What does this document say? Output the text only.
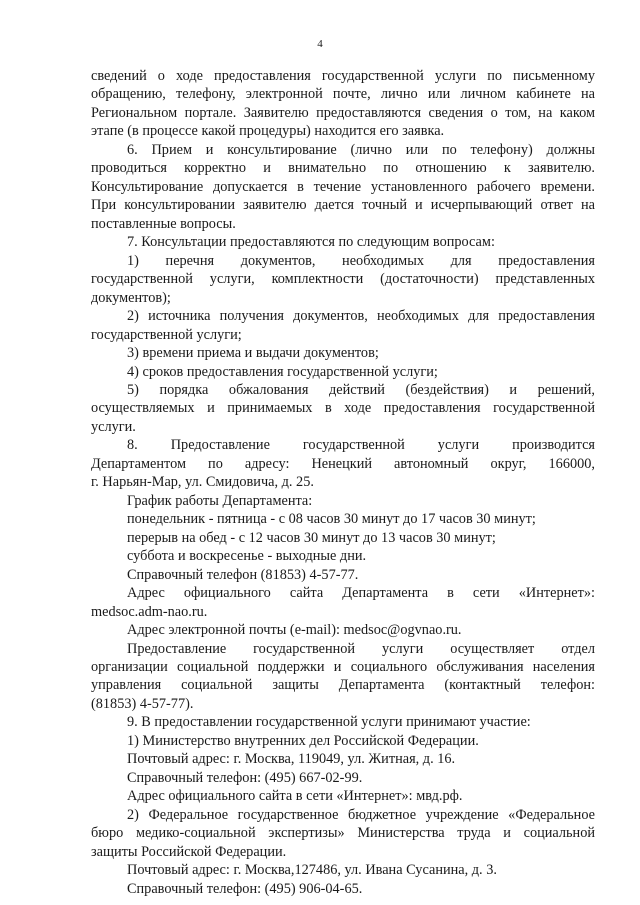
4
сведений о ходе предоставления государственной услуги по письменному
обращению, телефону, электронной почте, лично или личном кабинете на
Региональном портале. Заявителю предоставляются сведения о том, на каком
этапе (в процессе какой процедуры) находится его заявка.
6. Прием и консультирование (лично или по телефону) должны
проводиться корректно и внимательно по отношению к заявителю.
Консультирование допускается в течение установленного рабочего времени.
При консультировании заявителю дается точный и исчерпывающий ответ на
поставленные вопросы.
7. Консультации предоставляются по следующим вопросам:
1) перечня документов, необходимых для предоставления
государственной услуги, комплектности (достаточности) представленных
документов);
2) источника получения документов, необходимых для предоставления
государственной услуги;
3) времени приема и выдачи документов;
4) сроков предоставления государственной услуги;
5) порядка обжалования действий (бездействия) и решений,
осуществляемых и принимаемых в ходе предоставления государственной
услуги.
8. Предоставление государственной услуги производится
Департаментом по адресу: Ненецкий автономный округ, 166000,
г. Нарьян-Мар, ул. Смидовича, д. 25.
График работы Департамента:
понедельник - пятница - с 08 часов 30 минут до 17 часов 30 минут;
перерыв на обед - с 12 часов 30 минут до 13 часов 30 минут;
суббота и воскресенье - выходные дни.
Справочный телефон (81853) 4-57-77.
Адрес официального сайта Департамента в сети «Интернет»:
medsoc.adm-nao.ru.
Адрес электронной почты (e-mail): medsoc@ogvnao.ru.
Предоставление государственной услуги осуществляет отдел
организации социальной поддержки и социального обслуживания населения
управления социальной защиты Департамента (контактный телефон:
(81853) 4-57-77).
9. В предоставлении государственной услуги принимают участие:
1) Министерство внутренних дел Российской Федерации.
Почтовый адрес: г. Москва, 119049, ул. Житная, д. 16.
Справочный телефон: (495) 667-02-99.
Адрес официального сайта в сети «Интернет»: мвд.рф.
2) Федеральное государственное бюджетное учреждение «Федеральное
бюро медико-социальной экспертизы» Министерства труда и социальной
защиты Российской Федерации.
Почтовый адрес: г. Москва,127486, ул. Ивана Сусанина, д. 3.
Справочный телефон: (495) 906-04-65.
